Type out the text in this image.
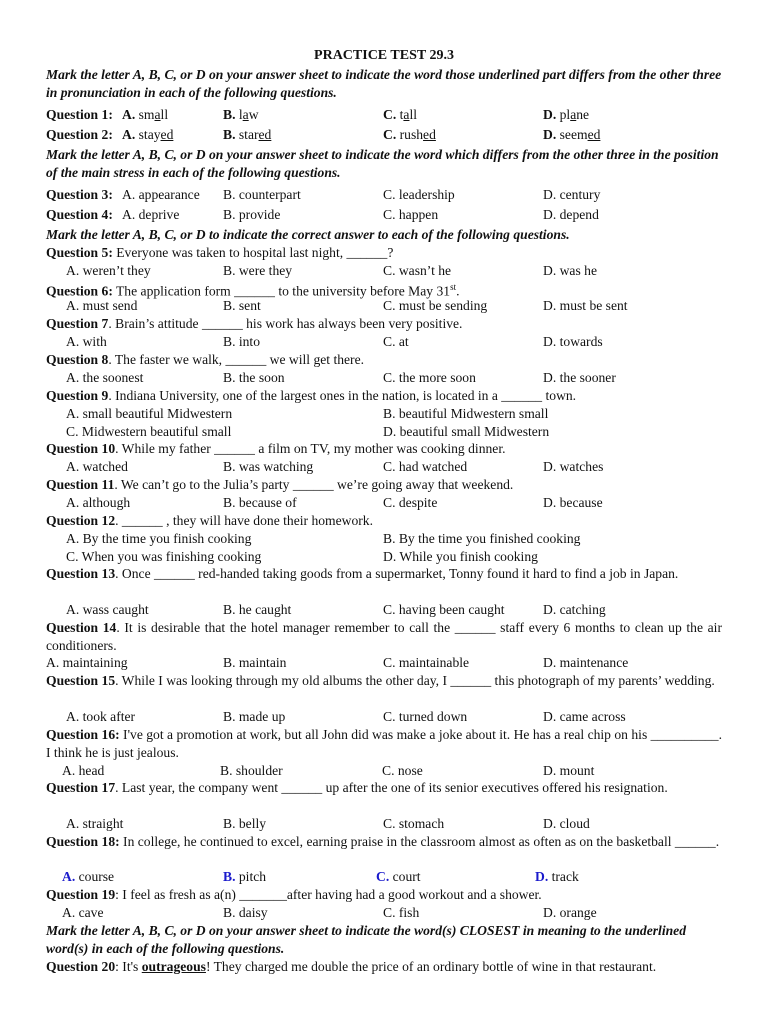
PRACTICE TEST 29.3
Mark the letter A, B, C, or D on your answer sheet to indicate the word those underlined part differs from the other three in pronunciation in each of the following questions.
Question 1: A. small	B. law	C. tall	D. plane
Question 2: A. stayed	B. stared	C. rushed	D. seemed
Mark the letter A, B, C, or D on your answer sheet to indicate the word which differs from the other three in the position of the main stress in each of the following questions.
Question 3: A. appearance B. counterpart	C. leadership	D. century
Question 4: A. deprive	B. provide	C. happen	D. depend
Mark the letter A, B, C, or D to indicate the correct answer to each of the following questions.
Question 5: Everyone was taken to hospital last night, ______?
A. weren’t they	B. were they	C. wasn’t he	D. was he
Question 6: The application form ______ to the university before May 31st.
A. must send	B. sent	C. must be sending	D. must be sent
Question 7. Brain’s attitude ______ his work has always been very positive.
A. with	B. into	C. at	D. towards
Question 8. The faster we walk, ______ we will get there.
A. the soonest	B. the soon	C. the more soon	D. the sooner
Question 9. Indiana University, one of the largest ones in the nation, is located in a ______ town.
A. small beautiful Midwestern	B. beautiful Midwestern small
C. Midwestern beautiful small	D. beautiful small Midwestern
Question 10. While my father ______ a film on TV, my mother was cooking dinner.
A. watched	B. was watching	C. had watched	D. watches
Question 11. We can’t go to the Julia’s party ______ we’re going away that weekend.
A. although	B. because of	C. despite	D. because
Question 12. ______ , they will have done their homework.
A. By the time you finish cooking	B. By the time you finished cooking
C. When you was finishing cooking	D. While you finish cooking
Question 13. Once ______ red-handed taking goods from a supermarket, Tonny found it hard to find a job in Japan.
A. wass caught	B. he caught	C. having been caught	D. catching
Question 14. It is desirable that the hotel manager remember to call the ______ staff every 6 months to clean up the air conditioners.
A. maintaining	B. maintain	C. maintainable	D. maintenance
Question 15. While I was looking through my old albums the other day, I ______ this photograph of my parents’ wedding.
A. took after	B. made up	C. turned down	D. came across
Question 16: I've got a promotion at work, but all John did was make a joke about it. He has a real chip on his __________. I think he is just jealous.
A. head	B. shoulder	C. nose	D. mount
Question 17. Last year, the company went ______ up after the one of its senior executives offered his resignation.
A. straight	B. belly	C. stomach	D. cloud
Question 18: In college, he continued to excel, earning praise in the classroom almost as often as on the basketball ______.
A. course	B. pitch	C. court	D. track
Question 19: I feel as fresh as a(n) _______after having had a good workout and a shower.
A. cave	B. daisy	C. fish	D. orange
Mark the letter A, B, C, or D on your answer sheet to indicate the word(s) CLOSEST in meaning to the underlined word(s) in each of the following questions.
Question 20: It's outrageous! They charged me double the price of an ordinary bottle of wine in that restaurant.
